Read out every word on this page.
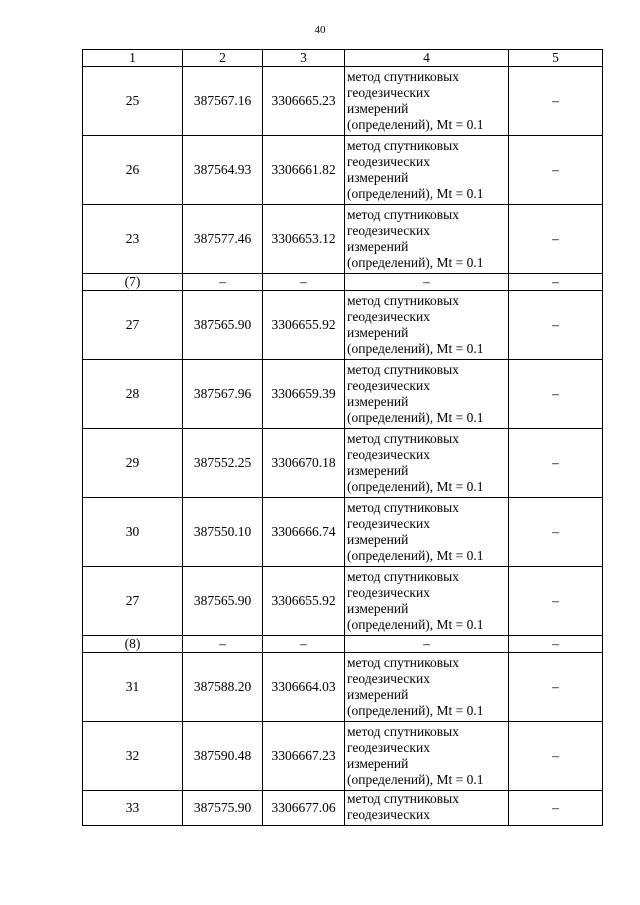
40
1	2	3	4	5
25	387567.16	3306665.23	метод спутниковых
геодезических
измерений
(определений), Mt = 0.1	–
26	387564.93	3306661.82	метод спутниковых
геодезических
измерений
(определений), Mt = 0.1	–
23	387577.46	3306653.12	метод спутниковых
геодезических
измерений
(определений), Mt = 0.1	–
(7)	–	–	–	–
27	387565.90	3306655.92	метод спутниковых
геодезических
измерений
(определений), Mt = 0.1	–
28	387567.96	3306659.39	метод спутниковых
геодезических
измерений
(определений), Mt = 0.1	–
29	387552.25	3306670.18	метод спутниковых
геодезических
измерений
(определений), Mt = 0.1	–
30	387550.10	3306666.74	метод спутниковых
геодезических
измерений
(определений), Mt = 0.1	–
27	387565.90	3306655.92	метод спутниковых
геодезических
измерений
(определений), Mt = 0.1	–
(8)	–	–	–	–
31	387588.20	3306664.03	метод спутниковых
геодезических
измерений
(определений), Mt = 0.1	–
32	387590.48	3306667.23	метод спутниковых
геодезических
измерений
(определений), Mt = 0.1	–
33	387575.90	3306677.06	метод спутниковых
геодезических	–
